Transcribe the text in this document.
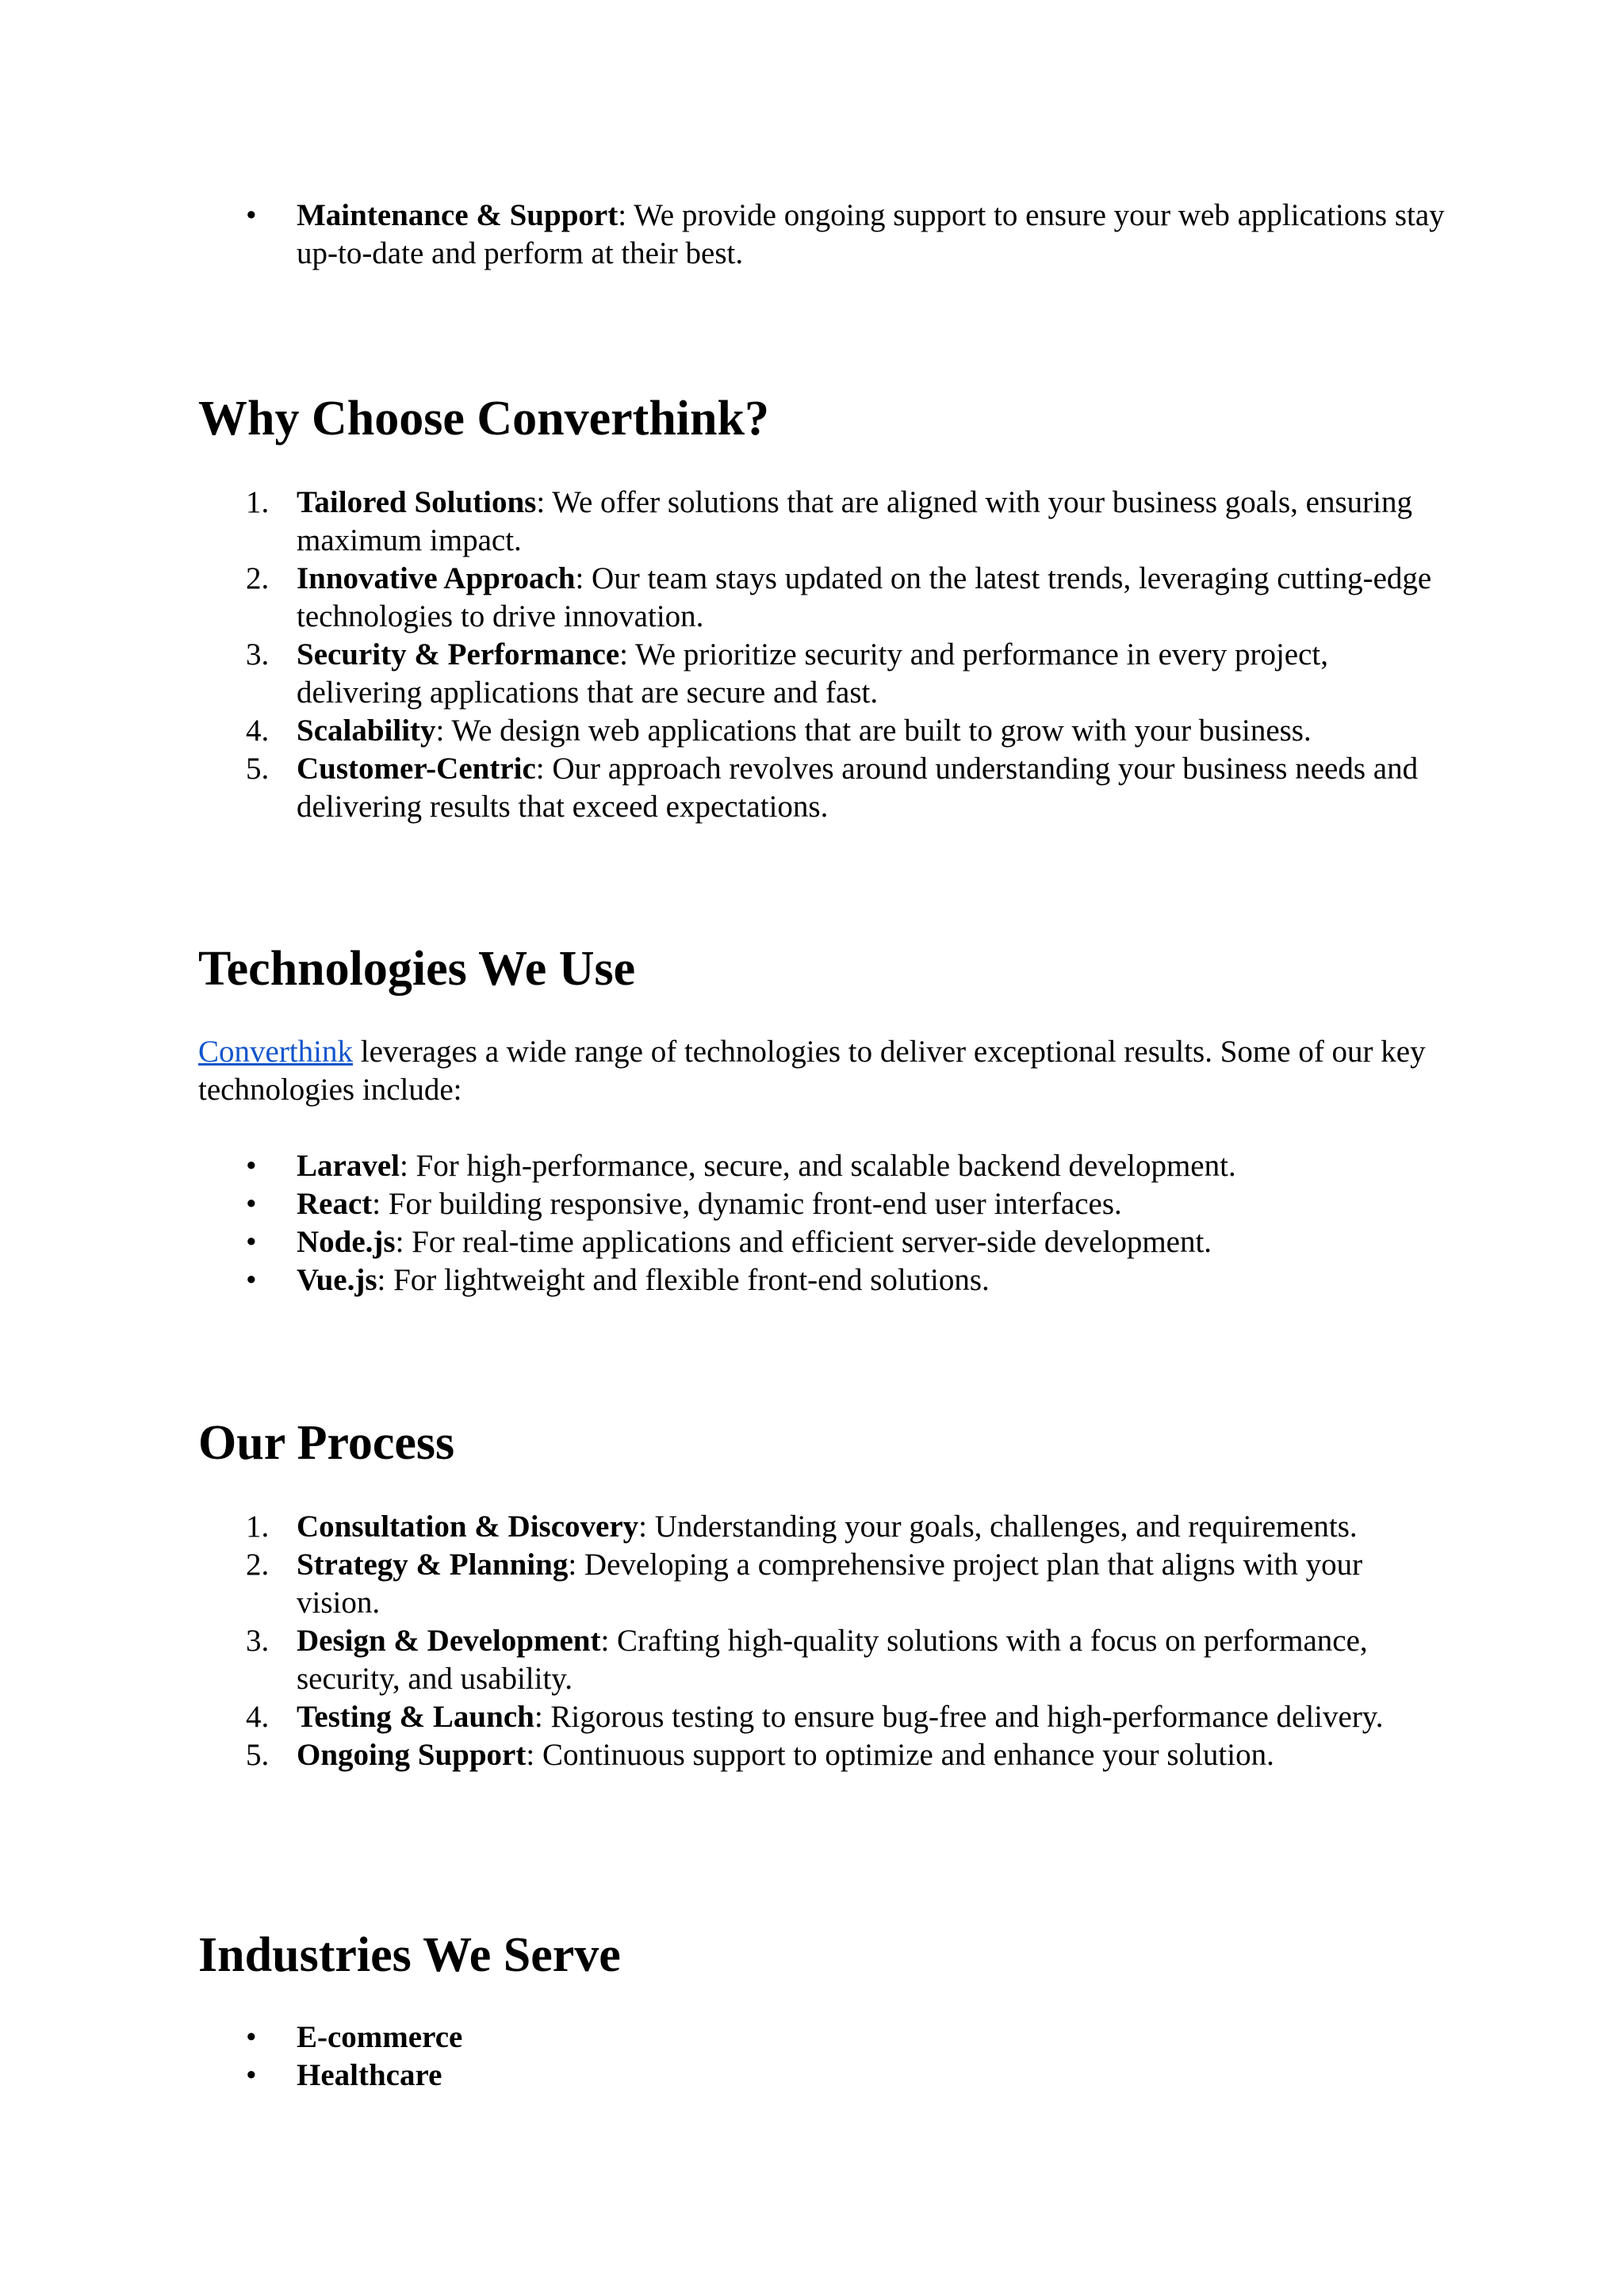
• Maintenance & Support: We provide ongoing support to ensure your web applications stay up-to-date and perform at their best.
Why Choose Converthink?
1. Tailored Solutions: We offer solutions that are aligned with your business goals, ensuring maximum impact.
2. Innovative Approach: Our team stays updated on the latest trends, leveraging cutting-edge technologies to drive innovation.
3. Security & Performance: We prioritize security and performance in every project, delivering applications that are secure and fast.
4. Scalability: We design web applications that are built to grow with your business.
5. Customer-Centric: Our approach revolves around understanding your business needs and delivering results that exceed expectations.
Technologies We Use

Converthink leverages a wide range of technologies to deliver exceptional results. Some of our key technologies include:

• Laravel: For high-performance, secure, and scalable backend development.
• React: For building responsive, dynamic front-end user interfaces.
• Node.js: For real-time applications and efficient server-side development.
• Vue.js: For lightweight and flexible front-end solutions.
Our Process
1. Consultation & Discovery: Understanding your goals, challenges, and requirements.
2. Strategy & Planning: Developing a comprehensive project plan that aligns with your vision.
3. Design & Development: Crafting high-quality solutions with a focus on performance, security, and usability.
4. Testing & Launch: Rigorous testing to ensure bug-free and high-performance delivery.
5. Ongoing Support: Continuous support to optimize and enhance your solution.
Industries We Serve
• E-commerce
• Healthcare
